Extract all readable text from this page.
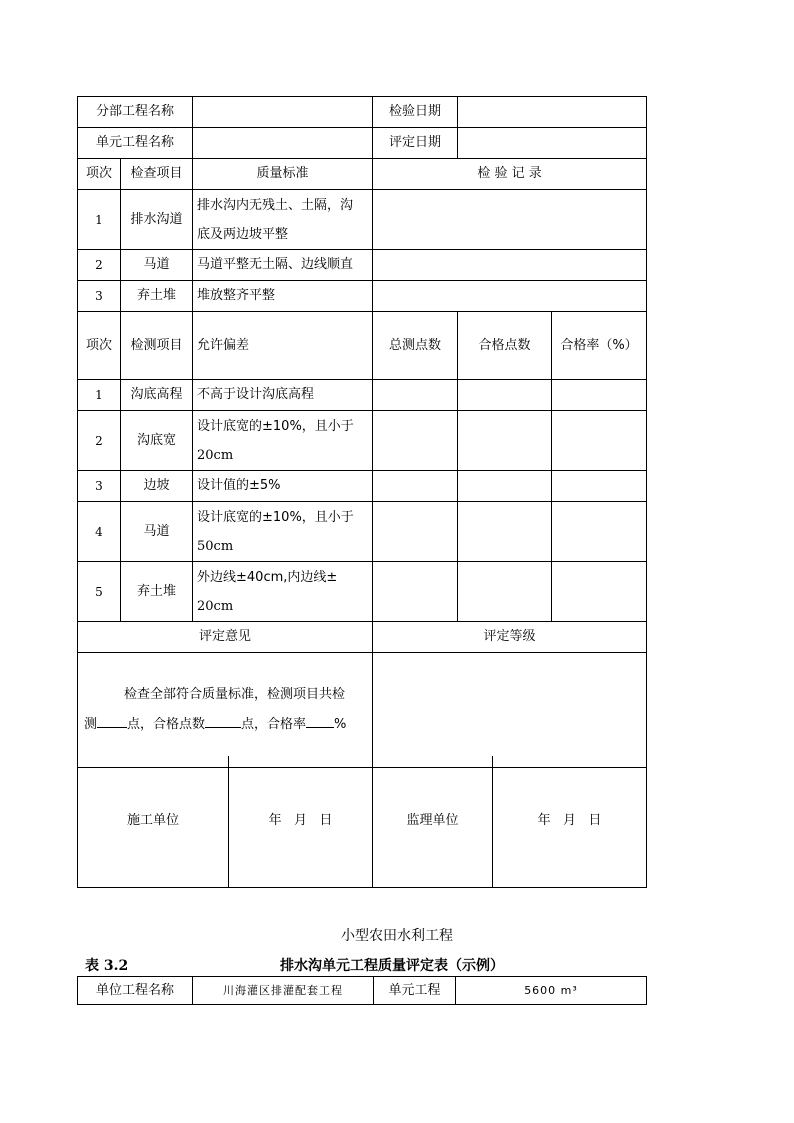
分部工程名称			检验日期		
单元工程名称			评定日期		
项次	检查项目	质量标准	检 验 记 录		
1	排水沟道	排水沟内无残土、土隔，沟
底及两边坡平整			

2	马道	马道平整无土隔、边线顺直			
3	弃土堆	堆放整齐平整			
项次	检测项目	允许偏差	总测点数	合格点数	合格率（%）
1	沟底高程	不高于设计沟底高程			
2	沟底宽	设计底宽的±10%，且小于
20cm			

3	边坡	设计值的±5%			
4	马道	设计底宽的±10%，且小于
50cm			

5	弃土堆	外边线±40cm,内边线±
20cm			

评定意见			评定等级		

检查全部符合质量标准，检测项目共检
测 点，合格点数 点，合格率 %					

施工单位	年   月   日	监理单位	年   月   日
小型农田水利工程
表 3.2	排水沟单元工程质量评定表（示例）
单位工程名称	川海灌区排灌配套工程	单元工程	5600 m³
